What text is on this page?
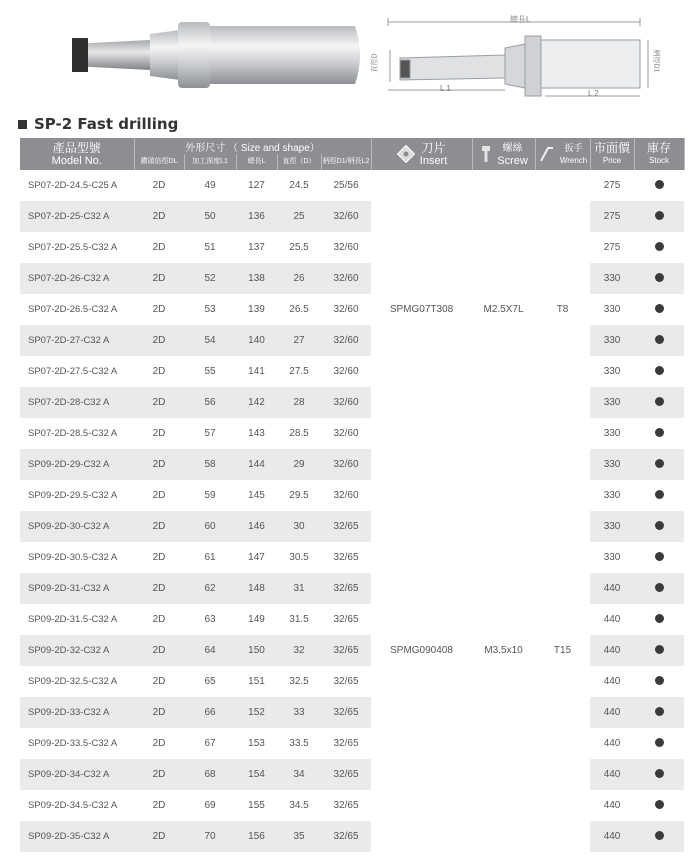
總長L
直徑D	柄徑D1
L 1
L 2
SP-2 Fast drilling
產品型號
Model No.	外形尺寸 （ Size and shape）					刀片
Insert	螺絲
Screw	扳手
Wrench	市面價
Price	庫存
Stock

	鑽頭倍徑DL	加工深度L1	總長L	直徑（D）	柄徑D1/柄長L2					
SP07-2D-24.5-C25 A	2D	49	127	24.5	25/56	SPMG07T308	M2.5X7L	T8	275	
SP07-2D-25-C32 A	2D	50	136	25	32/60				275	
SP07-2D-25.5-C32 A	2D	51	137	25.5	32/60				275	
SP07-2D-26-C32 A	2D	52	138	26	32/60				330	
SP07-2D-26.5-C32 A	2D	53	139	26.5	32/60				330	
SP07-2D-27-C32 A	2D	54	140	27	32/60				330	
SP07-2D-27.5-C32 A	2D	55	141	27.5	32/60				330	
SP07-2D-28-C32 A	2D	56	142	28	32/60				330	
SP07-2D-28.5-C32 A	2D	57	143	28.5	32/60				330	
SP09-2D-29-C32 A	2D	58	144	29	32/60	SPMG090408	M3.5x10	T15	330	
SP09-2D-29.5-C32 A	2D	59	145	29.5	32/60				330	
SP09-2D-30-C32 A	2D	60	146	30	32/65				330	
SP09-2D-30.5-C32 A	2D	61	147	30.5	32/65				330	
SP09-2D-31-C32 A	2D	62	148	31	32/65				440	
SP09-2D-31.5-C32 A	2D	63	149	31.5	32/65				440	
SP09-2D-32-C32 A	2D	64	150	32	32/65				440	
SP09-2D-32.5-C32 A	2D	65	151	32.5	32/65				440	
SP09-2D-33-C32 A	2D	66	152	33	32/65				440	
SP09-2D-33.5-C32 A	2D	67	153	33.5	32/65				440	
SP09-2D-34-C32 A	2D	68	154	34	32/65				440	
SP09-2D-34.5-C32 A	2D	69	155	34.5	32/65				440	
SP09-2D-35-C32 A	2D	70	156	35	32/65				440	
